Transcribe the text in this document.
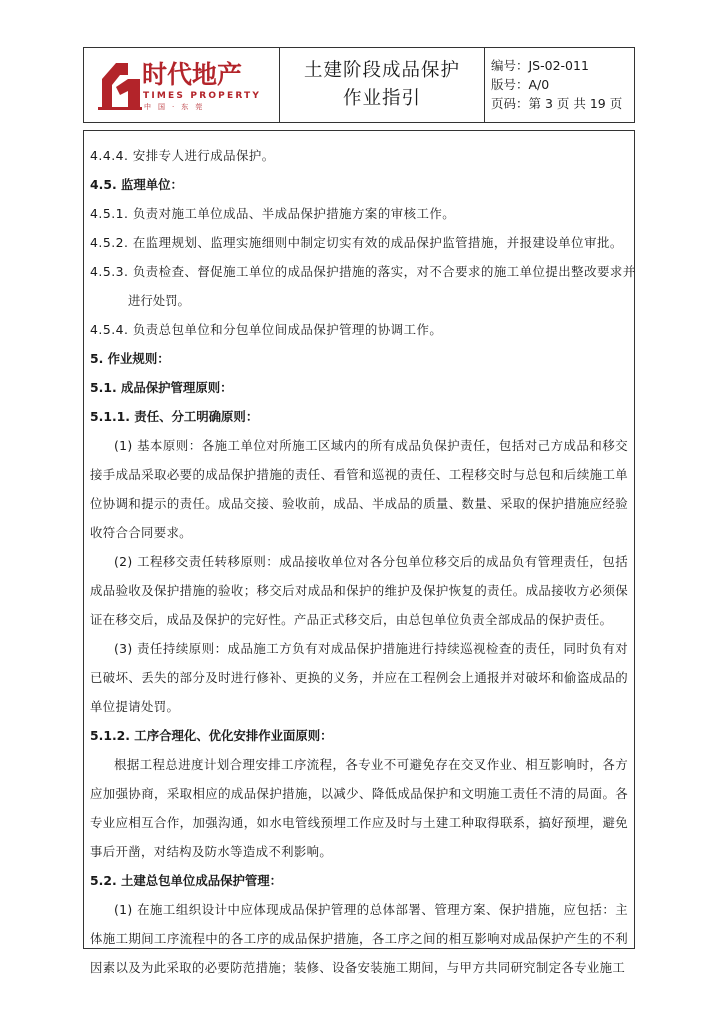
时代地产
TIMES PROPERTY
中国·东莞
土建阶段成品保护
作业指引
编号：JS-02-011
版号：A/0
页码：第 3 页 共 19 页

4.4.4. 安排专人进行成品保护。

4.5. 监理单位：

4.5.1. 负责对施工单位成品、半成品保护措施方案的审核工作。

4.5.2. 在监理规划、监理实施细则中制定切实有效的成品保护监管措施，并报建设单位审批。

4.5.3. 负责检查、督促施工单位的成品保护措施的落实，对不合要求的施工单位提出整改要求并

进行处罚。

4.5.4. 负责总包单位和分包单位间成品保护管理的协调工作。

5. 作业规则：

5.1. 成品保护管理原则：

5.1.1. 责任、分工明确原则：

(1) 基本原则：各施工单位对所施工区域内的所有成品负保护责任，包括对己方成品和移交接手成品采取必要的成品保护措施的责任、看管和巡视的责任、工程移交时与总包和后续施工单位协调和提示的责任。成品交接、验收前，成品、半成品的质量、数量、采取的保护措施应经验收符合合同要求。

(2) 工程移交责任转移原则：成品接收单位对各分包单位移交后的成品负有管理责任，包括成品验收及保护措施的验收；移交后对成品和保护的维护及保护恢复的责任。成品接收方必须保证在移交后，成品及保护的完好性。产品正式移交后，由总包单位负责全部成品的保护责任。

(3) 责任持续原则：成品施工方负有对成品保护措施进行持续巡视检查的责任，同时负有对已破坏、丢失的部分及时进行修补、更换的义务，并应在工程例会上通报并对破坏和偷盗成品的单位提请处罚。

5.1.2. 工序合理化、优化安排作业面原则：

根据工程总进度计划合理安排工序流程，各专业不可避免存在交叉作业、相互影响时，各方应加强协商，采取相应的成品保护措施，以减少、降低成品保护和文明施工责任不清的局面。各专业应相互合作，加强沟通，如水电管线预埋工作应及时与土建工种取得联系，搞好预埋，避免事后开凿，对结构及防水等造成不利影响。

5.2. 土建总包单位成品保护管理：

(1) 在施工组织设计中应体现成品保护管理的总体部署、管理方案、保护措施，应包括：主体施工期间工序流程中的各工序的成品保护措施，各工序之间的相互影响对成品保护产生的不利因素以及为此采取的必要防范措施；装修、设备安装施工期间，与甲方共同研究制定各专业施工
